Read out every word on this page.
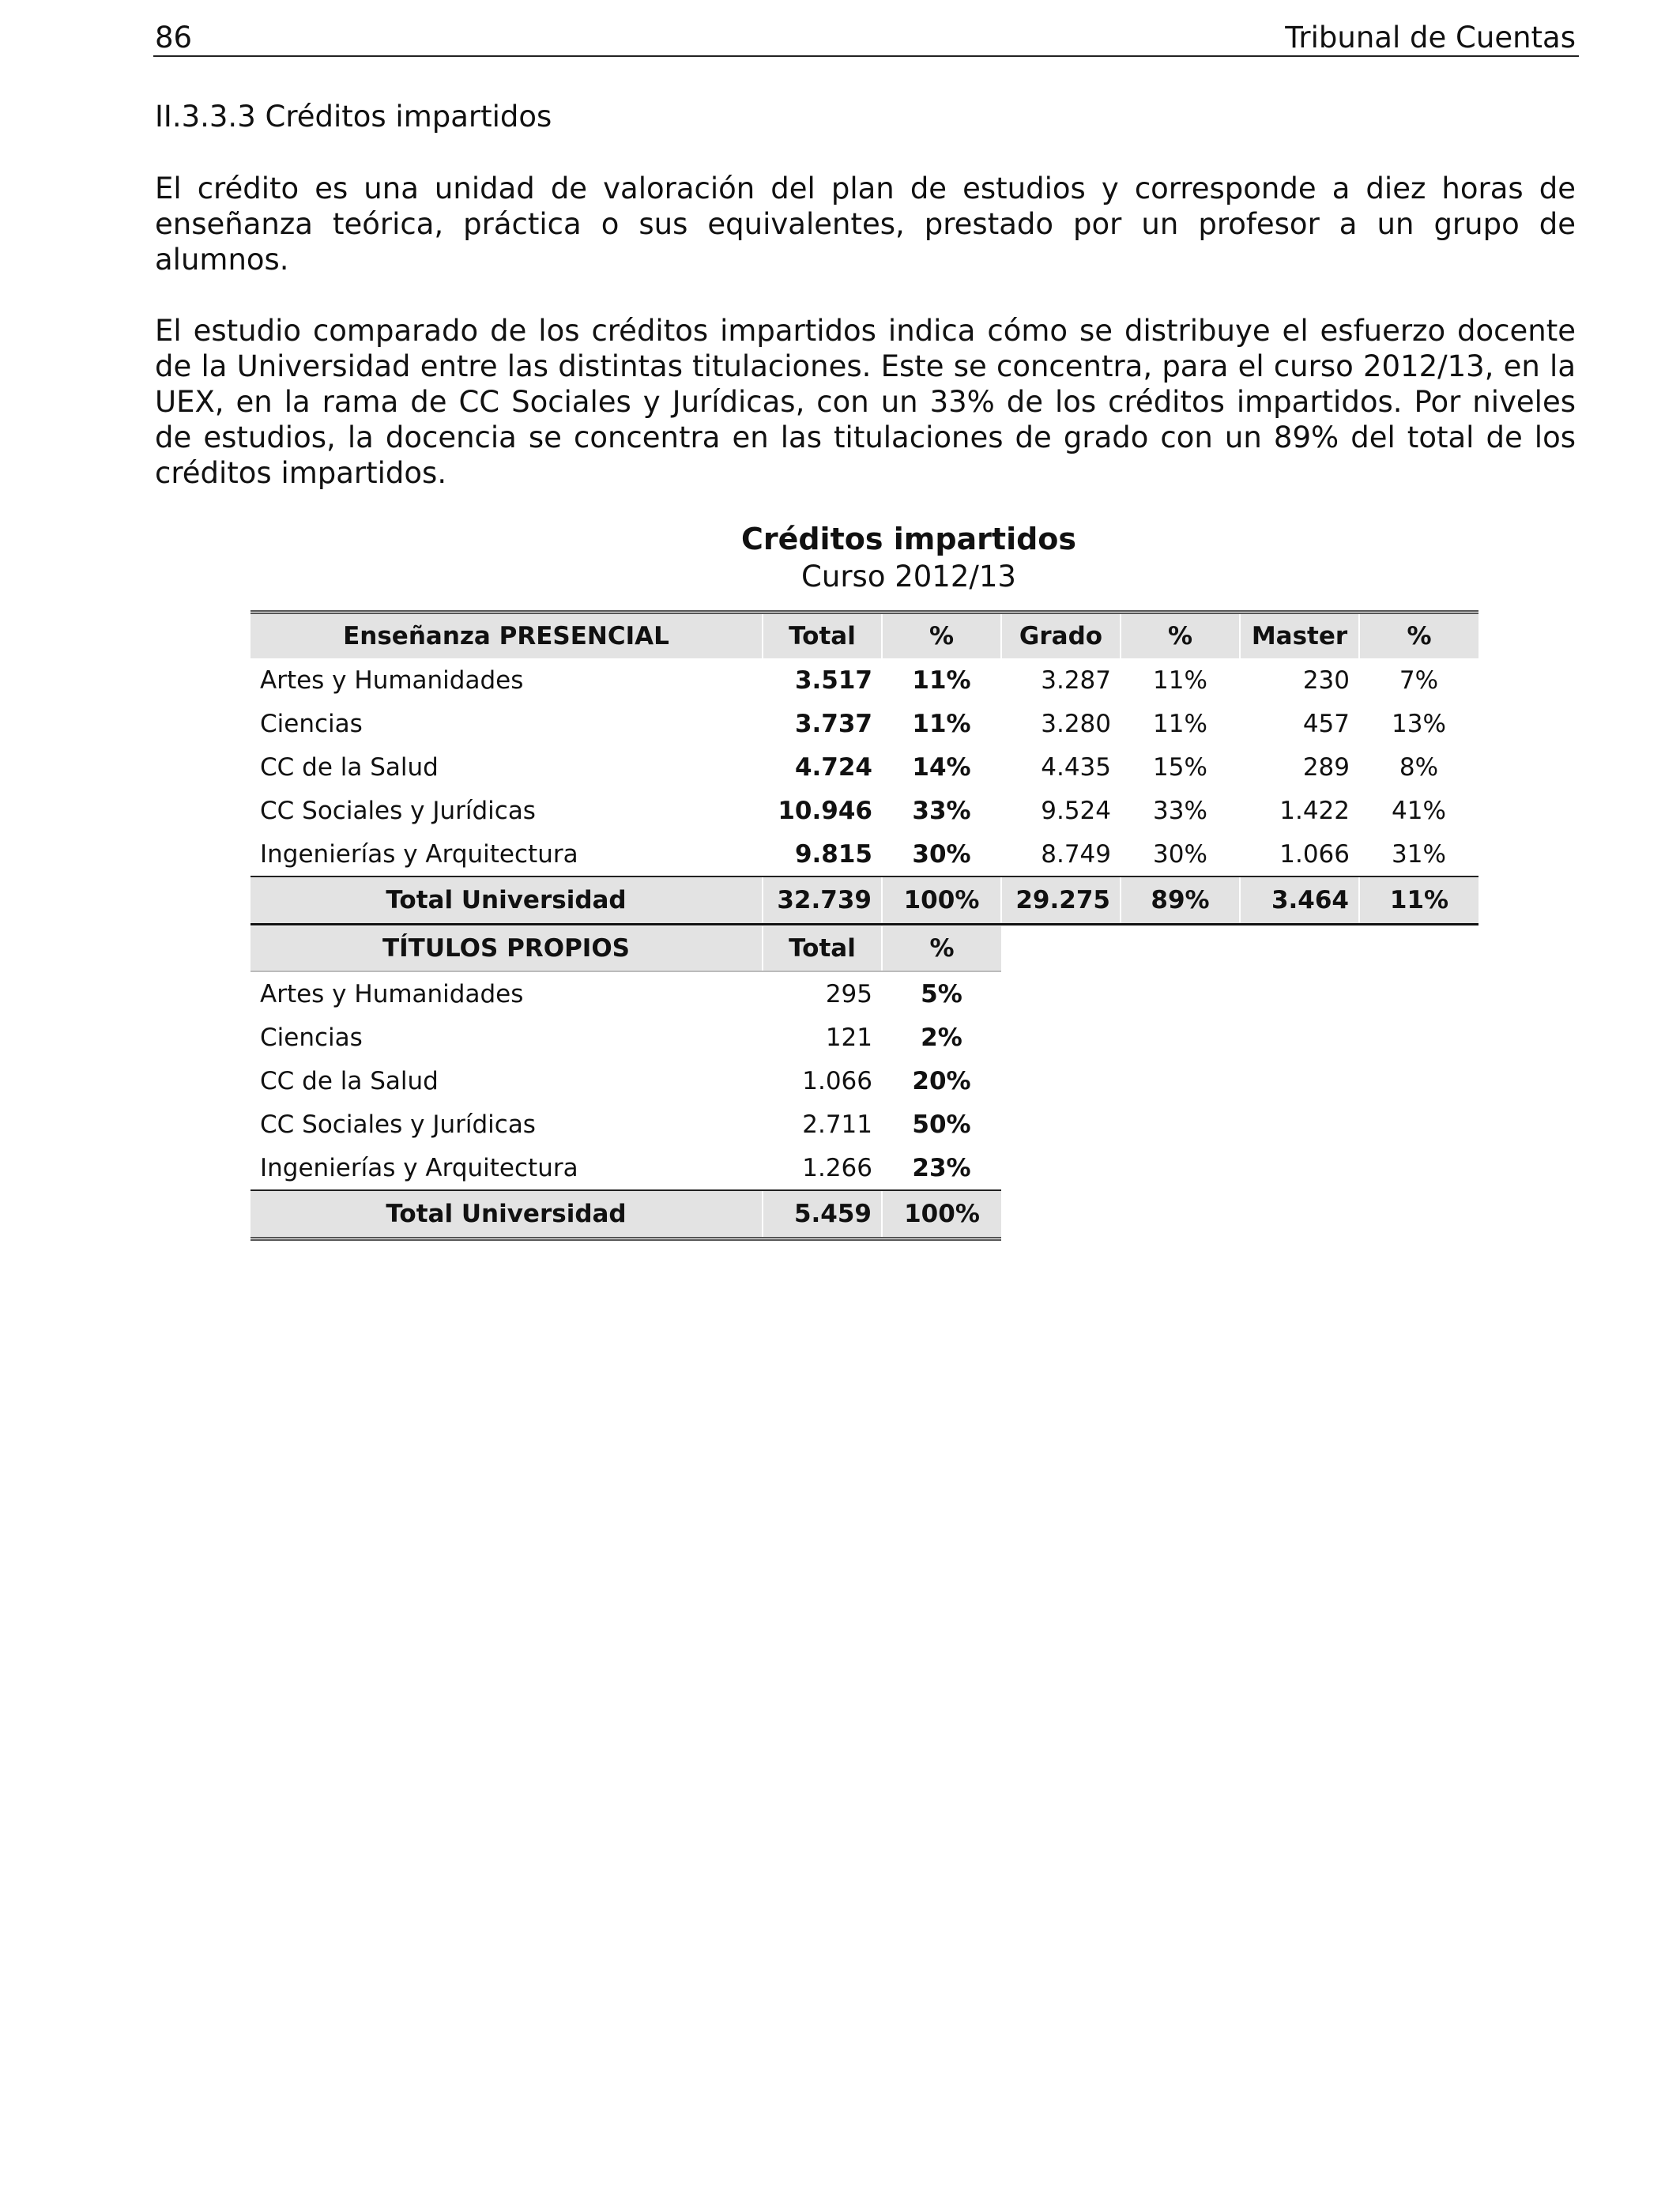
86	Tribunal de Cuentas
II.3.3.3 Créditos impartidos

El crédito es una unidad de valoración del plan de estudios y corresponde a diez horas de
enseñanza teórica, práctica o sus equivalentes, prestado por un profesor a un grupo de
alumnos.

El estudio comparado de los créditos impartidos indica cómo se distribuye el esfuerzo docente
de la Universidad entre las distintas titulaciones. Este se concentra, para el curso 2012/13, en la
UEX, en la rama de CC Sociales y Jurídicas, con un 33% de los créditos impartidos. Por niveles
de estudios, la docencia se concentra en las titulaciones de grado con un 89% del total de los
créditos impartidos.

Créditos impartidos
Curso 2012/13
Enseñanza PRESENCIAL	Total	%	Grado	%	Master	%
Artes y Humanidades	3.517	11%	3.287	11%	230	7%
Ciencias	3.737	11%	3.280	11%	457	13%
CC de la Salud	4.724	14%	4.435	15%	289	8%
CC Sociales y Jurídicas	10.946	33%	9.524	33%	1.422	41%
Ingenierías y Arquitectura	9.815	30%	8.749	30%	1.066	31%
Total Universidad	32.739	100%	29.275	89%	3.464	11%
TÍTULOS PROPIOS	Total	%
Artes y Humanidades	295	5%
Ciencias	121	2%
CC de la Salud	1.066	20%
CC Sociales y Jurídicas	2.711	50%
Ingenierías y Arquitectura	1.266	23%
Total Universidad	5.459	100%
